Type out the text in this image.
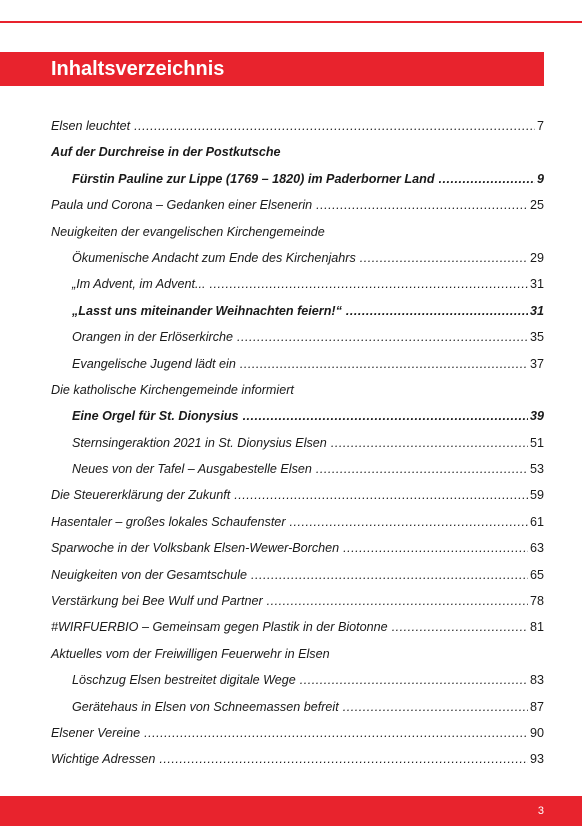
Inhaltsverzeichnis
Elsen leuchtet .....	7
Auf der Durchreise in der Postkutsche
Fürstin Pauline zur Lippe (1769 – 1820) im Paderborner Land .....	9
Paula und Corona – Gedanken einer Elsenerin .....	25
Neuigkeiten der evangelischen Kirchengemeinde
Ökumenische Andacht zum Ende des Kirchenjahrs .....	29
„Im Advent, im Advent... .....	31
„Lasst uns miteinander Weihnachten feiern!“ .....	31
Orangen in der Erlöserkirche .....	35
Evangelische Jugend lädt ein .....	37
Die katholische Kirchengemeinde informiert
Eine Orgel für St. Dionysius .....	39
Sternsingeraktion 2021 in St. Dionysius Elsen .....	51
Neues von der Tafel – Ausgabestelle Elsen .....	53
Die Steuererklärung der Zukunft .....	59
Hasentaler – großes lokales Schaufenster .....	61
Sparwoche in der Volksbank Elsen-Wewer-Borchen .....	63
Neuigkeiten von der Gesamtschule .....	65
Verstärkung bei Bee Wulf und Partner .....	78
#WIRFUERBIO – Gemeinsam gegen Plastik in der Biotonne .....	81
Aktuelles vom der Freiwilligen Feuerwehr in Elsen
Löschzug Elsen bestreitet digitale Wege .....	83
Gerätehaus in Elsen von Schneemassen befreit .....	87
Elsener Vereine .....	90
Wichtige Adressen .....	93
3
